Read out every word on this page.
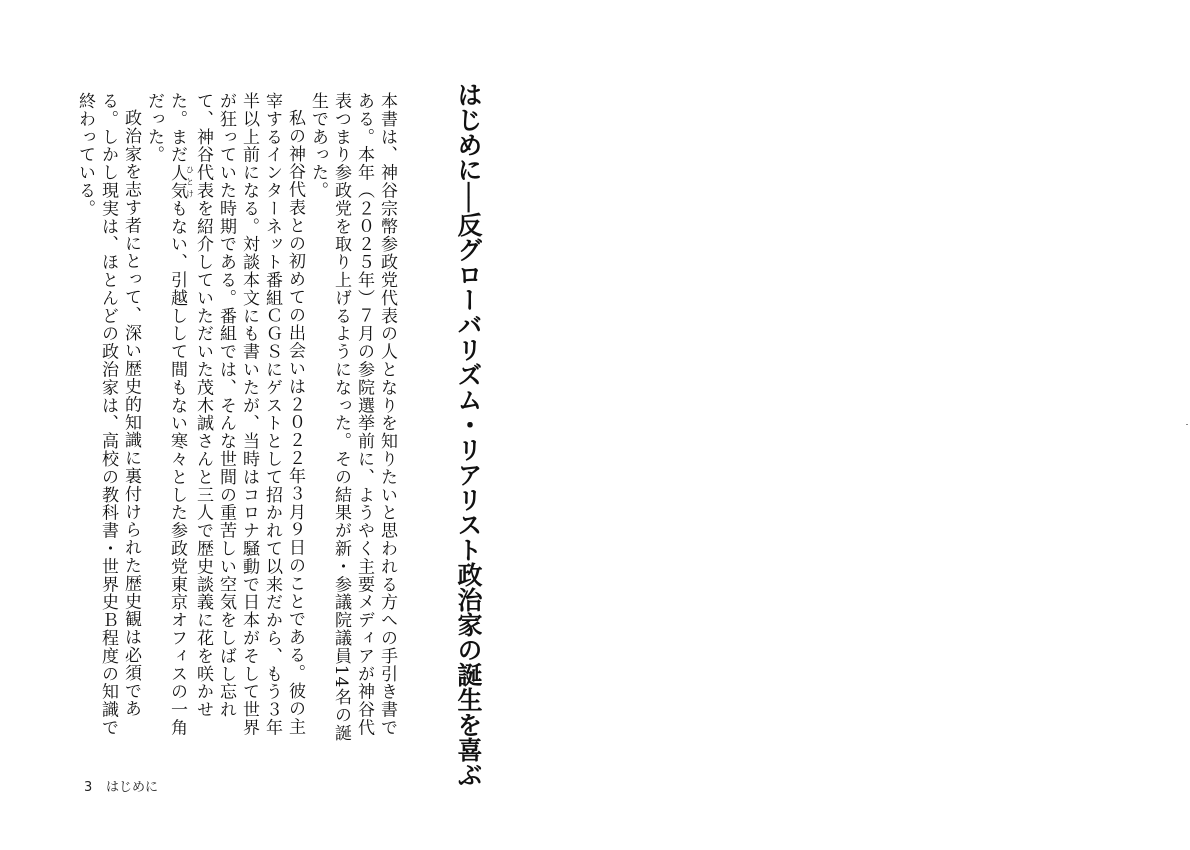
はじめに──反グローバリズム・リアリスト政治家の誕生を喜ぶ

本書は、神谷宗幣参政党代表の人となりを知りたいと思われる方への手引き書である。本年（２０２５年）７月の参院選挙前に、ようやく主要メディアが神谷代表つまり参政党を取り上げるようになった。その結果が新・参議院議員14名の誕生であった。

私の神谷代表との初めての出会いは２０２２年３月９日のことである。彼の主宰するインターネット番組ＣＧＳにゲストとして招かれて以来だから、もう３年半以上前になる。対談本文にも書いたが、当時はコロナ騒動で日本がそして世界が狂っていた時期である。番組では、そんな世間の重苦しい空気をしばし忘れて、神谷代表を紹介していただいた茂木誠さんと三人で歴史談義に花を咲かせた。まだ人気ひとけもない、引越しして間もない寒々とした参政党東京オフィスの一角だった。

政治家を志す者にとって、深い歴史的知識に裏付けられた歴史観は必須である。しかし現実は、ほとんどの政治家は、高校の教科書・世界史Ｂ程度の知識で終わっている。

3 はじめに
